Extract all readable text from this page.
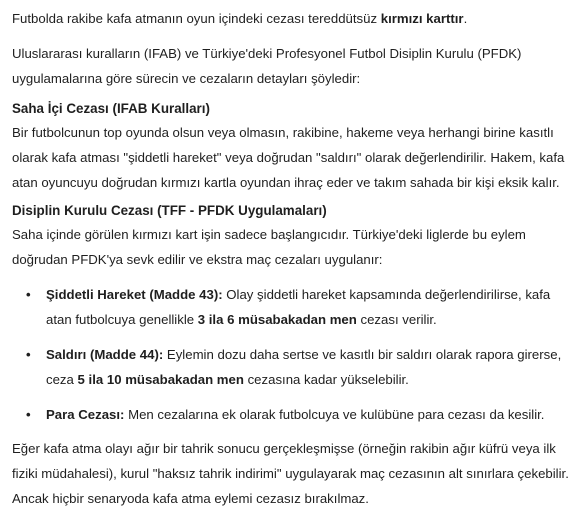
Futbolda rakibe kafa atmanın oyun içindeki cezası tereddütsüz kırmızı karttır.

Uluslararası kuralların (IFAB) ve Türkiye'deki Profesyonel Futbol Disiplin Kurulu (PFDK) uygulamalarına göre sürecin ve cezaların detayları şöyledir:

Saha İçi Cezası (IFAB Kuralları)

Bir futbolcunun top oyunda olsun veya olmasın, rakibine, hakeme veya herhangi birine kasıtlı olarak kafa atması "şiddetli hareket" veya doğrudan "saldırı" olarak değerlendirilir. Hakem, kafa atan oyuncuyu doğrudan kırmızı kartla oyundan ihraç eder ve takım sahada bir kişi eksik kalır.

Disiplin Kurulu Cezası (TFF - PFDK Uygulamaları)

Saha içinde görülen kırmızı kart işin sadece başlangıcıdır. Türkiye'deki liglerde bu eylem doğrudan PFDK'ya sevk edilir ve ekstra maç cezaları uygulanır:

• Şiddetli Hareket (Madde 43): Olay şiddetli hareket kapsamında değerlendirilirse, kafa atan futbolcuya genellikle 3 ila 6 müsabakadan men cezası verilir.
• Saldırı (Madde 44): Eylemin dozu daha sertse ve kasıtlı bir saldırı olarak rapora girerse, ceza 5 ila 10 müsabakadan men cezasına kadar yükselebilir.
• Para Cezası: Men cezalarına ek olarak futbolcuya ve kulübüne para cezası da kesilir.

Eğer kafa atma olayı ağır bir tahrik sonucu gerçekleşmişse (örneğin rakibin ağır küfrü veya ilk fiziki müdahalesi), kurul "haksız tahrik indirimi" uygulayarak maç cezasının alt sınırlara çekebilir. Ancak hiçbir senaryoda kafa atma eylemi cezasız bırakılmaz.
